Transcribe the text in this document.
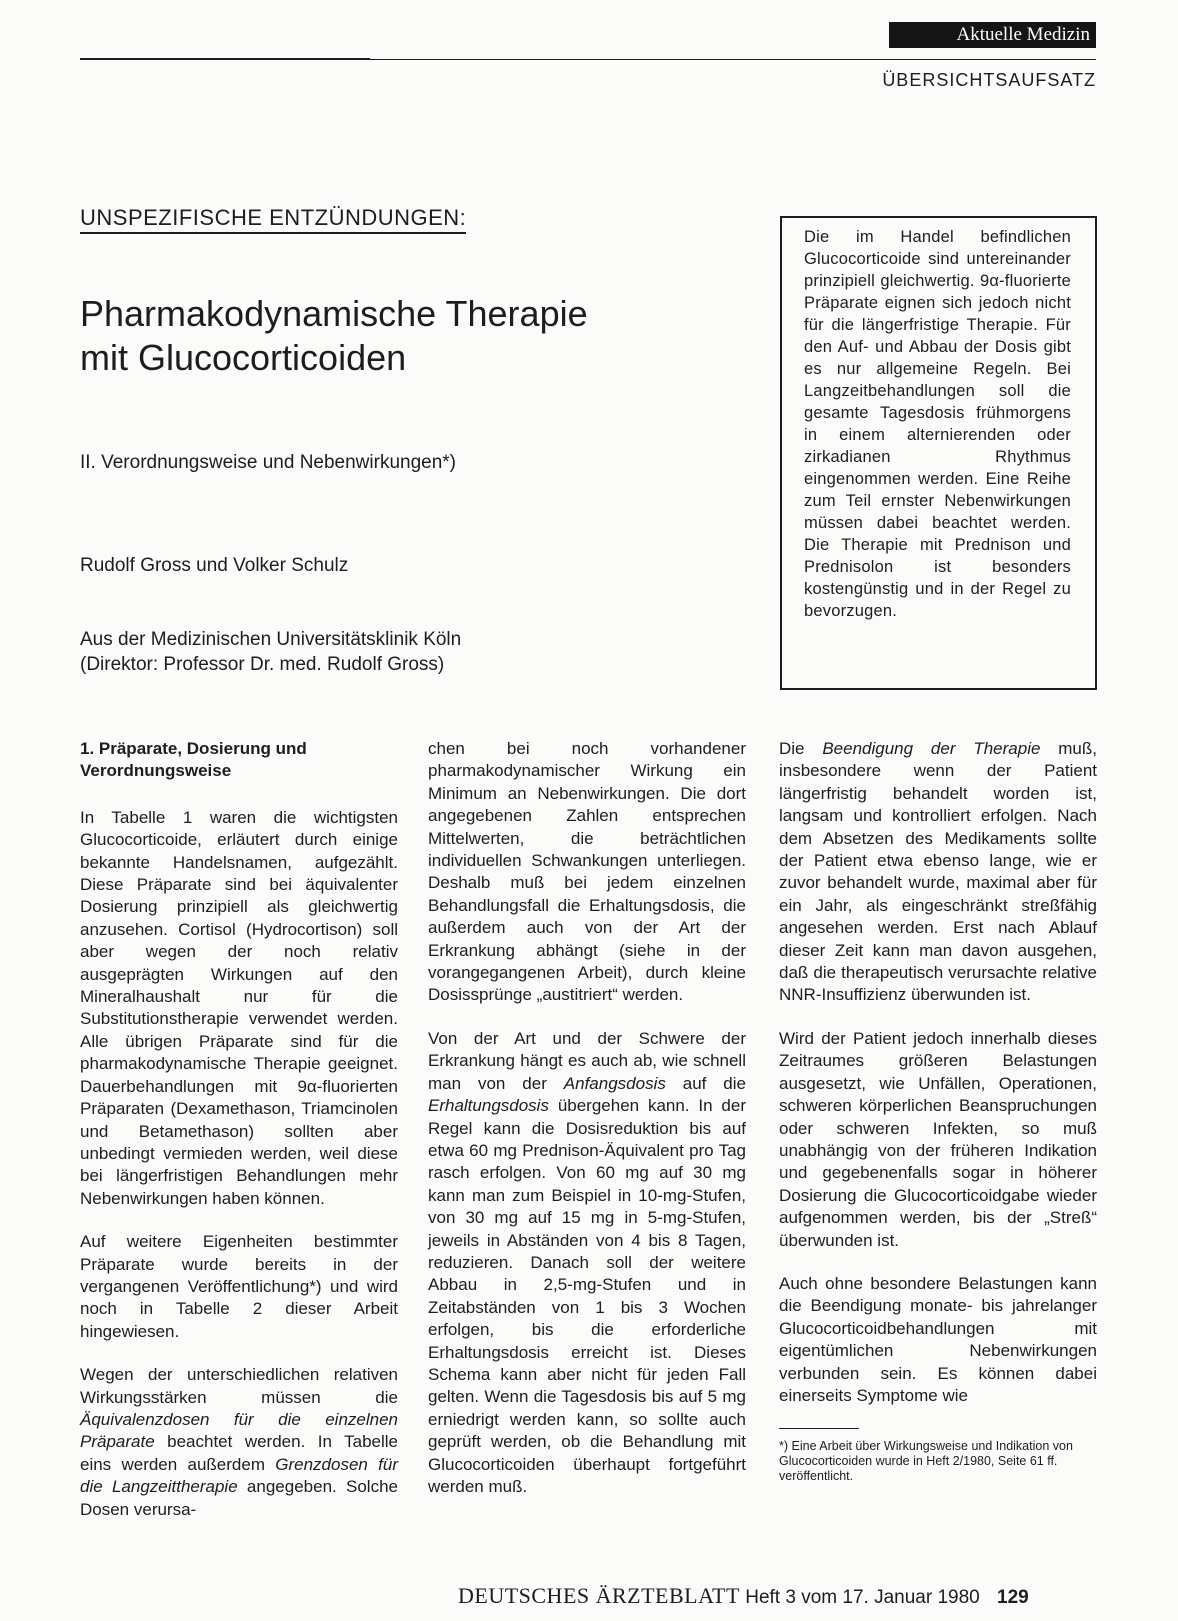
Aktuelle Medizin
ÜBERSICHTSAUFSATZ
UNSPEZIFISCHE ENTZÜNDUNGEN:
Pharmakodynamische Therapie
mit Glucocorticoiden
II. Verordnungsweise und Nebenwirkungen*)
Rudolf Gross und Volker Schulz
Aus der Medizinischen Universitätsklinik Köln
(Direktor: Professor Dr. med. Rudolf Gross)
Die im Handel befindlichen Glucocorticoide sind untereinander prinzipiell gleichwertig. 9α-fluorierte Präparate eignen sich jedoch nicht für die längerfristige Therapie. Für den Auf- und Abbau der Dosis gibt es nur allgemeine Regeln. Bei Langzeitbehandlungen soll die gesamte Tagesdosis frühmorgens in einem alternierenden oder zirkadianen Rhythmus eingenommen werden. Eine Reihe zum Teil ernster Nebenwirkungen müssen dabei beachtet werden. Die Therapie mit Prednison und Prednisolon ist besonders kostengünstig und in der Regel zu bevorzugen.
1. Präparate, Dosierung und Verordnungsweise

In Tabelle 1 waren die wichtigsten Glucocorticoide, erläutert durch einige bekannte Handelsnamen, aufgezählt. Diese Präparate sind bei äquivalenter Dosierung prinzipiell als gleichwertig anzusehen. Cortisol (Hydrocortison) soll aber wegen der noch relativ ausgeprägten Wirkungen auf den Mineralhaushalt nur für die Substitutionstherapie verwendet werden. Alle übrigen Präparate sind für die pharmakodynamische Therapie geeignet. Dauerbehandlungen mit 9α-fluorierten Präparaten (Dexamethason, Triamcinolen und Betamethason) sollten aber unbedingt vermieden werden, weil diese bei längerfristigen Behandlungen mehr Nebenwirkungen haben können.

Auf weitere Eigenheiten bestimmter Präparate wurde bereits in der vergangenen Veröffentlichung*) und wird noch in Tabelle 2 dieser Arbeit hingewiesen.

Wegen der unterschiedlichen relativen Wirkungsstärken müssen die Äquivalenzdosen für die einzelnen Präparate beachtet werden. In Tabelle eins werden außerdem Grenzdosen für die Langzeittherapie angegeben. Solche Dosen verursa-

chen bei noch vorhandener pharmakodynamischer Wirkung ein Minimum an Nebenwirkungen. Die dort angegebenen Zahlen entsprechen Mittelwerten, die beträchtlichen individuellen Schwankungen unterliegen. Deshalb muß bei jedem einzelnen Behandlungsfall die Erhaltungsdosis, die außerdem auch von der Art der Erkrankung abhängt (siehe in der vorangegangenen Arbeit), durch kleine Dosissprünge „austitriert“ werden.

Von der Art und der Schwere der Erkrankung hängt es auch ab, wie schnell man von der Anfangsdosis auf die Erhaltungsdosis übergehen kann. In der Regel kann die Dosisreduktion bis auf etwa 60 mg Prednison-Äquivalent pro Tag rasch erfolgen. Von 60 mg auf 30 mg kann man zum Beispiel in 10-mg-Stufen, von 30 mg auf 15 mg in 5-mg-Stufen, jeweils in Abständen von 4 bis 8 Tagen, reduzieren. Danach soll der weitere Abbau in 2,5-mg-Stufen und in Zeitabständen von 1 bis 3 Wochen erfolgen, bis die erforderliche Erhaltungsdosis erreicht ist. Dieses Schema kann aber nicht für jeden Fall gelten. Wenn die Tagesdosis bis auf 5 mg erniedrigt werden kann, so sollte auch geprüft werden, ob die Behandlung mit Glucocorticoiden überhaupt fortgeführt werden muß.

Die Beendigung der Therapie muß, insbesondere wenn der Patient längerfristig behandelt worden ist, langsam und kontrolliert erfolgen. Nach dem Absetzen des Medikaments sollte der Patient etwa ebenso lange, wie er zuvor behandelt wurde, maximal aber für ein Jahr, als eingeschränkt streßfähig angesehen werden. Erst nach Ablauf dieser Zeit kann man davon ausgehen, daß die therapeutisch verursachte relative NNR-Insuffizienz überwunden ist.

Wird der Patient jedoch innerhalb dieses Zeitraumes größeren Belastungen ausgesetzt, wie Unfällen, Operationen, schweren körperlichen Beanspruchungen oder schweren Infekten, so muß unabhängig von der früheren Indikation und gegebenenfalls sogar in höherer Dosierung die Glucocorticoidgabe wieder aufgenommen werden, bis der „Streß“ überwunden ist.

Auch ohne besondere Belastungen kann die Beendigung monate- bis jahrelanger Glucocorticoidbehandlungen mit eigentümlichen Nebenwirkungen verbunden sein. Es können dabei einerseits Symptome wie

*) Eine Arbeit über Wirkungsweise und Indikation von Glucocorticoiden wurde in Heft 2/1980, Seite 61 ff. veröffentlicht.
DEUTSCHES ÄRZTEBLATT Heft 3 vom 17. Januar 1980 129
